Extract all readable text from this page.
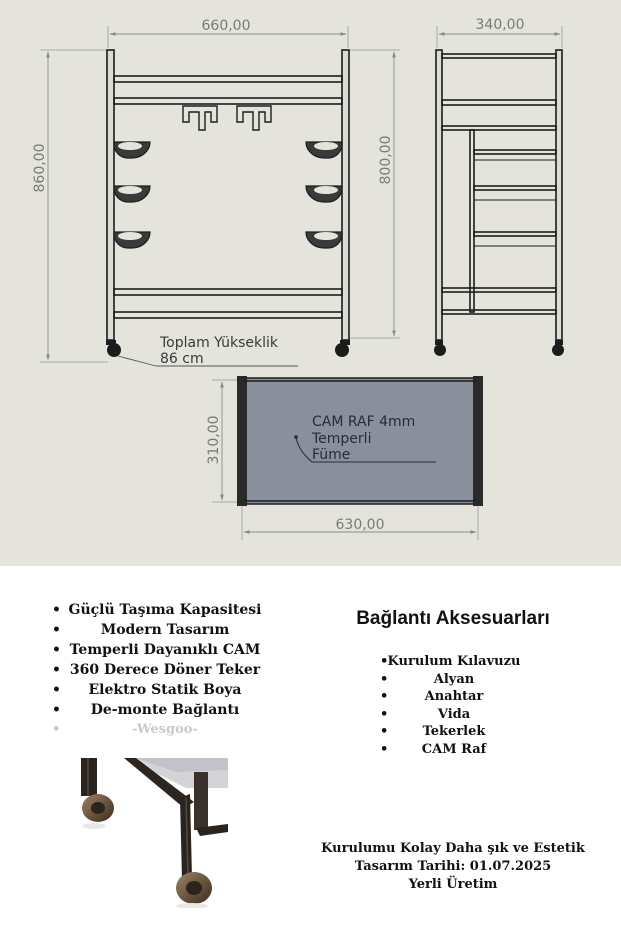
660,00
860,00	800,00
Toplam Yükseklik
86 cm
340,00
310,00
630,00
CAM RAF 4mm
Temperli
Füme
• Güçlü Taşıma Kapasitesi
• Modern Tasarım
• Temperli Dayanıklı CAM
• 360 Derece Döner Teker
• Elektro Statik Boya
• De-monte Bağlantı
• -Wesgoo-
Bağlantı Aksesuarları
• Kurulum Kılavuzu
• Alyan
• Anahtar
• Vida
• Tekerlek
• CAM Raf
Kurulumu Kolay Daha şık ve Estetik
Tasarım Tarihi: 01.07.2025
Yerli Üretim
